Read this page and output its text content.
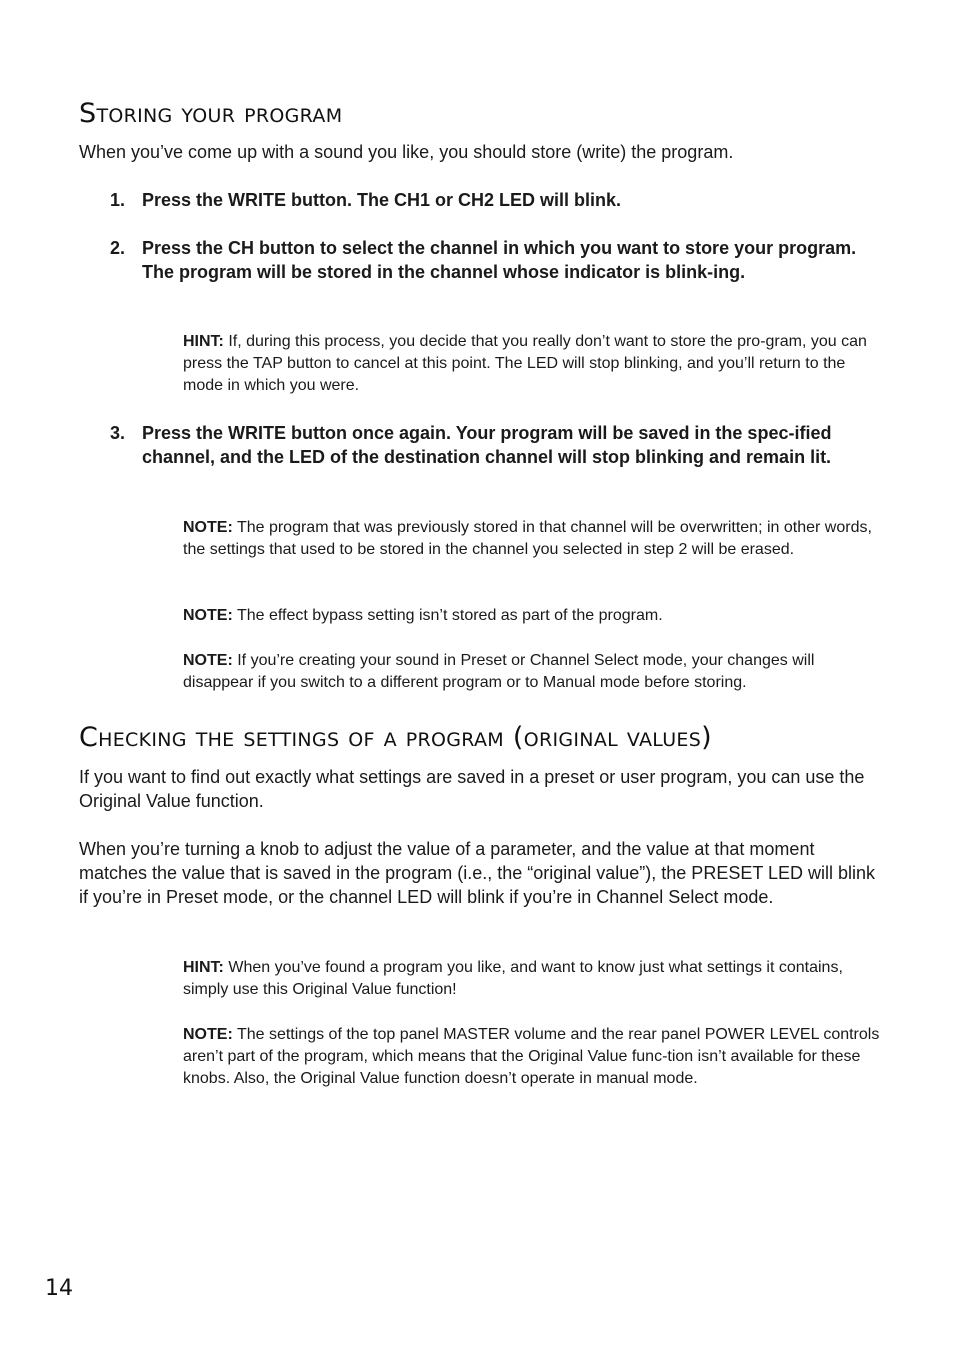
Storing your program

When you’ve come up with a sound you like, you should store (write) the program.

1. Press the WRITE button. The CH1 or CH2 LED will blink.
2. Press the CH button to select the channel in which you want to store your program. The program will be stored in the channel whose indicator is blink-ing.

HINT: If, during this process, you decide that you really don’t want to store the pro-gram, you can press the TAP button to cancel at this point. The LED will stop blinking, and you’ll return to the mode in which you were.

3. Press the WRITE button once again. Your program will be saved in the spec-ified channel, and the LED of the destination channel will stop blinking and remain lit.

NOTE: The program that was previously stored in that channel will be overwritten; in other words, the settings that used to be stored in the channel you selected in step 2 will be erased.

NOTE: The effect bypass setting isn’t stored as part of the program.

NOTE: If you’re creating your sound in Preset or Channel Select mode, your changes will disappear if you switch to a different program or to Manual mode before storing.

Checking the settings of a program (original values)

If you want to find out exactly what settings are saved in a preset or user program, you can use the Original Value function.

When you’re turning a knob to adjust the value of a parameter, and the value at that moment matches the value that is saved in the program (i.e., the “original value”), the PRESET LED will blink if you’re in Preset mode, or the channel LED will blink if you’re in Channel Select mode.

HINT: When you’ve found a program you like, and want to know just what settings it contains, simply use this Original Value function!

NOTE: The settings of the top panel MASTER volume and the rear panel POWER LEVEL controls aren’t part of the program, which means that the Original Value func-tion isn’t available for these knobs. Also, the Original Value function doesn’t operate in manual mode.

14
